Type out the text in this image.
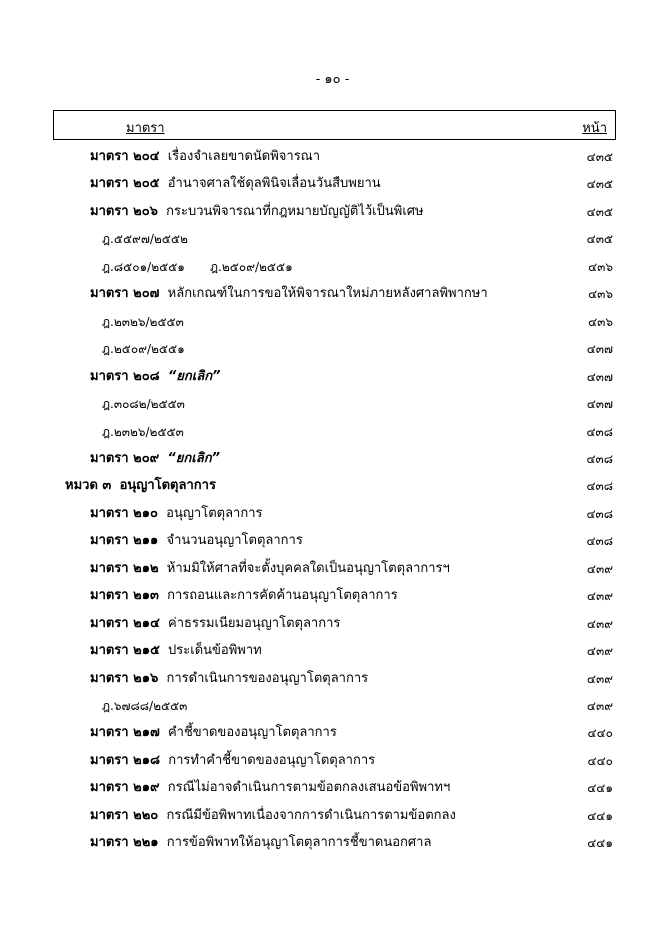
- ๑๐ -
มาตรา	หน้า
มาตรา ๒๐๔ เรื่องจำเลยขาดนัดพิจารณา	๔๓๕
มาตรา ๒๐๕ อำนาจศาลใช้ดุลพินิจเลื่อนวันสืบพยาน	๔๓๕
มาตรา ๒๐๖ กระบวนพิจารณาที่กฎหมายบัญญัติไว้เป็นพิเศษ	๔๓๕
ฎ.๕๕๙๗/๒๕๕๒	๔๓๕
ฎ.๘๕๐๑/๒๕๕๑ ฎ.๒๕๐๙/๒๕๕๑	๔๓๖
มาตรา ๒๐๗ หลักเกณฑ์ในการขอให้พิจารณาใหม่ภายหลังศาลพิพากษา	๔๓๖
ฎ.๒๓๒๖/๒๕๕๓	๔๓๖
ฎ.๒๕๐๙/๒๕๕๑	๔๓๗
มาตรา ๒๐๘ “ยกเลิก”	๔๓๗
ฎ.๓๐๘๒/๒๕๕๓	๔๓๗
ฎ.๒๓๒๖/๒๕๕๓	๔๓๘
มาตรา ๒๐๙ “ยกเลิก”	๔๓๘
หมวด ๓ อนุญาโตตุลาการ	๔๓๘
มาตรา ๒๑๐ อนุญาโตตุลาการ	๔๓๘
มาตรา ๒๑๑ จำนวนอนุญาโตตุลาการ	๔๓๘
มาตรา ๒๑๒ ห้ามมิให้ศาลที่จะตั้งบุคคลใดเป็นอนุญาโตตุลาการฯ	๔๓๙
มาตรา ๒๑๓ การถอนและการคัดค้านอนุญาโตตุลาการ	๔๓๙
มาตรา ๒๑๔ ค่าธรรมเนียมอนุญาโตตุลาการ	๔๓๙
มาตรา ๒๑๕ ประเด็นข้อพิพาท	๔๓๙
มาตรา ๒๑๖ การดำเนินการของอนุญาโตตุลาการ	๔๓๙
ฎ.๖๗๘๘/๒๕๕๓	๔๓๙
มาตรา ๒๑๗ คำชี้ขาดของอนุญาโตตุลาการ	๔๔๐
มาตรา ๒๑๘ การทำคำชี้ขาดของอนุญาโตตุลาการ	๔๔๐
มาตรา ๒๑๙ กรณีไม่อาจดำเนินการตามข้อตกลงเสนอข้อพิพาทฯ	๔๔๑
มาตรา ๒๒๐ กรณีมีข้อพิพาทเนื่องจากการดำเนินการตามข้อตกลง	๔๔๑
มาตรา ๒๒๑ การข้อพิพาทให้อนุญาโตตุลาการชี้ขาดนอกศาล	๔๔๑
